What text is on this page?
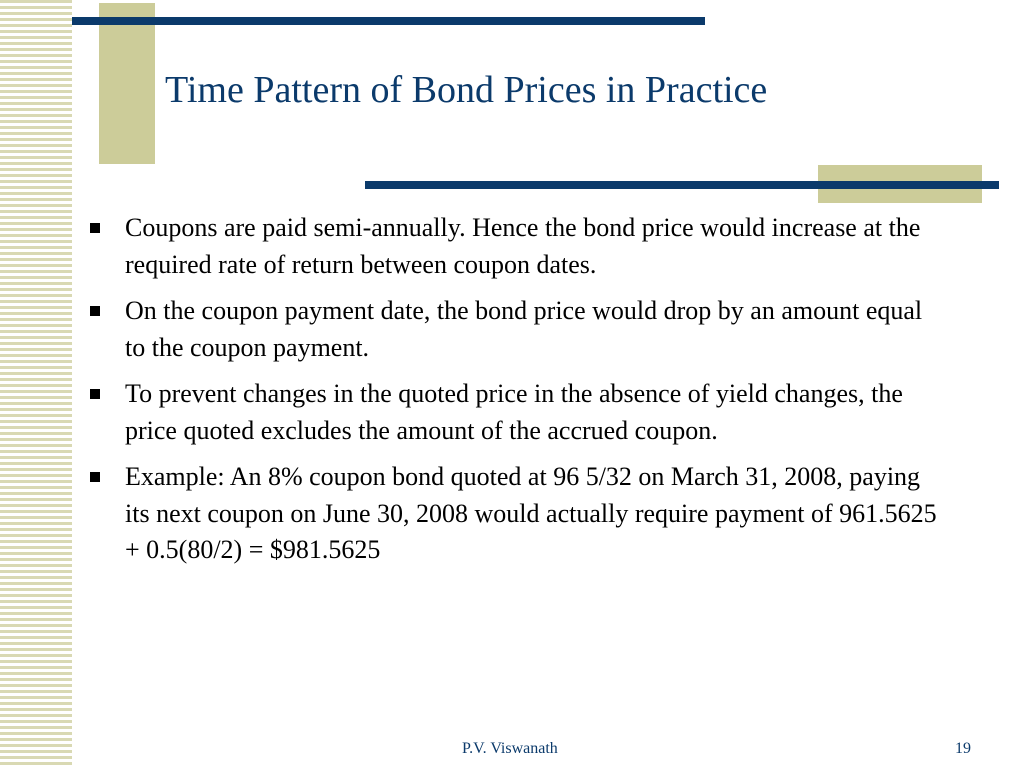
Time Pattern of Bond Prices in Practice
Coupons are paid semi-annually. Hence the bond price would increase at the required rate of return between coupon dates.
On the coupon payment date, the bond price would drop by an amount equal to the coupon payment.
To prevent changes in the quoted price in the absence of yield changes, the price quoted excludes the amount of the accrued coupon.
Example: An 8% coupon bond quoted at 96 5/32 on March 31, 2008, paying its next coupon on June 30, 2008 would actually require payment of 961.5625 + 0.5(80/2) = $981.5625
P.V. Viswanath	19
